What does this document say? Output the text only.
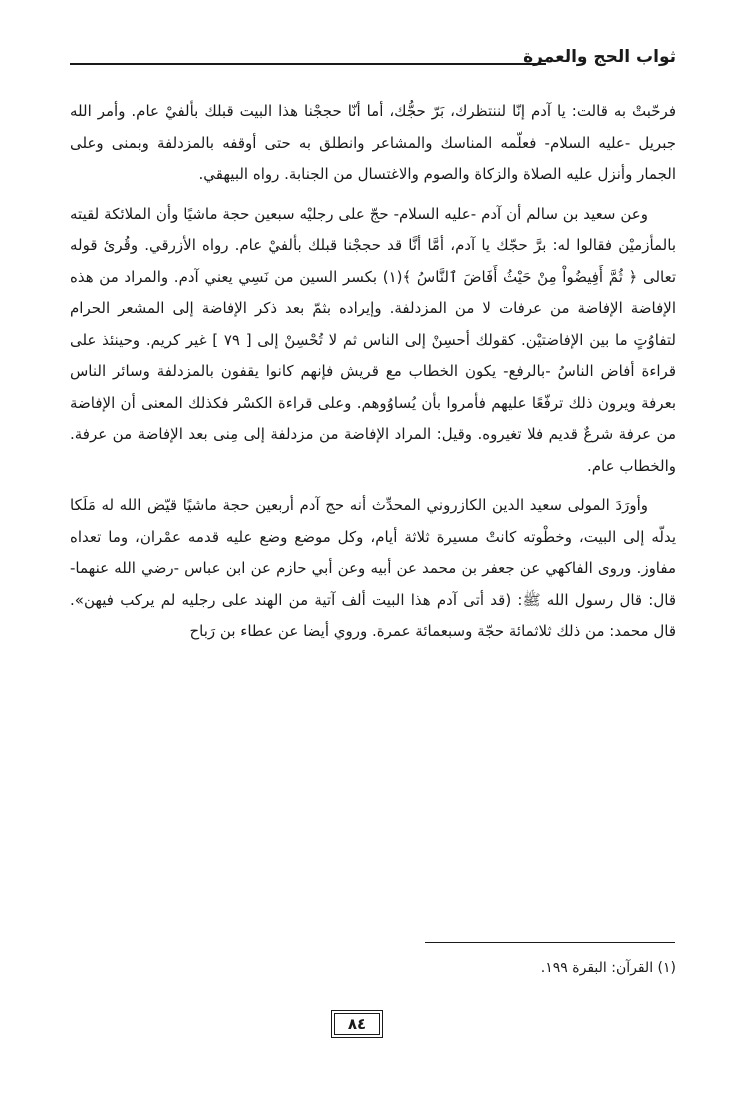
ثواب الحج والعمرة

فرحّبتْ به قالت: يا آدم إنّا لننتظرك، بَرّ حجُّك، أما أنّا حججْنا هذا البيت قبلك بألفيْ عام. وأمر الله جبريل -عليه السلام- فعلّمه المناسك والمشاعر وانطلق به حتى أوقفه بالمزدلفة وبمنى وعلى الجمار وأنزل عليه الصلاة والزكاة والصوم والاغتسال من الجنابة. رواه البيهقي.

وعن سعيد بن سالم أن آدم -عليه السلام- حجّ على رجليْه سبعين حجة ماشيًا وأن الملائكة لقيته بالمأزميْن فقالوا له: برَّ حجّك يا آدم، أمَّا أنَّا قد حججْنا قبلك بألفيْ عام. رواه الأزرقي. وقُرئ قوله تعالى ﴿ ثُمَّ أَفِيضُواْ مِنْ حَيْثُ أَفَاضَ ٱلنَّاسُ ﴾(١) بكسر السين من نَسِي يعني آدم. والمراد من هذه الإفاضة الإفاضة من عرفات لا من المزدلفة. وإيراده بثمّ بعد ذكر الإفاضة إلى المشعر الحرام لتفاوُتٍ ما بين الإفاضتيْن. كقولك أحسِنْ إلى الناس ثم لا تُحْسِنْ إلى [ ٧٩ ] غير كريم. وحينئذ على قراءة أفاض الناسُ -بالرفع- يكون الخطاب مع قريش فإنهم كانوا يقفون بالمزدلفة وسائر الناس بعرفة ويرون ذلك ترفّعًا عليهم فأمروا بأن يُساوُوهم. وعلى قراءة الكسْر فكذلك المعنى أن الإفاضة من عرفة شرعٌ قديم فلا تغيروه. وقيل: المراد الإفاضة من مزدلفة إلى مِنى بعد الإفاضة من عرفة. والخطاب عام.

وأورَدَ المولى سعيد الدين الكازروني المحدِّث أنه حج آدم أربعين حجة ماشيًا قيّض الله له مَلَكا يدلّه إلى البيت، وخطْوته كانتْ مسيرة ثلاثة أيام، وكل موضع وضع عليه قدمه عمْران، وما تعداه مفاوز. وروى الفاكهي عن جعفر بن محمد عن أبيه وعن أبي حازم عن ابن عباس -رضي الله عنهما- قال: قال رسول الله ﷺ: (قد أتى آدم هذا البيت ألف آتية من الهند على رجليه لم يركب فيهن». قال محمد: من ذلك ثلاثمائة حجّة وسبعمائة عمرة. وروي أيضا عن عطاء بن رَباح

(١) القرآن: البقرة ١٩٩.
٨٤
